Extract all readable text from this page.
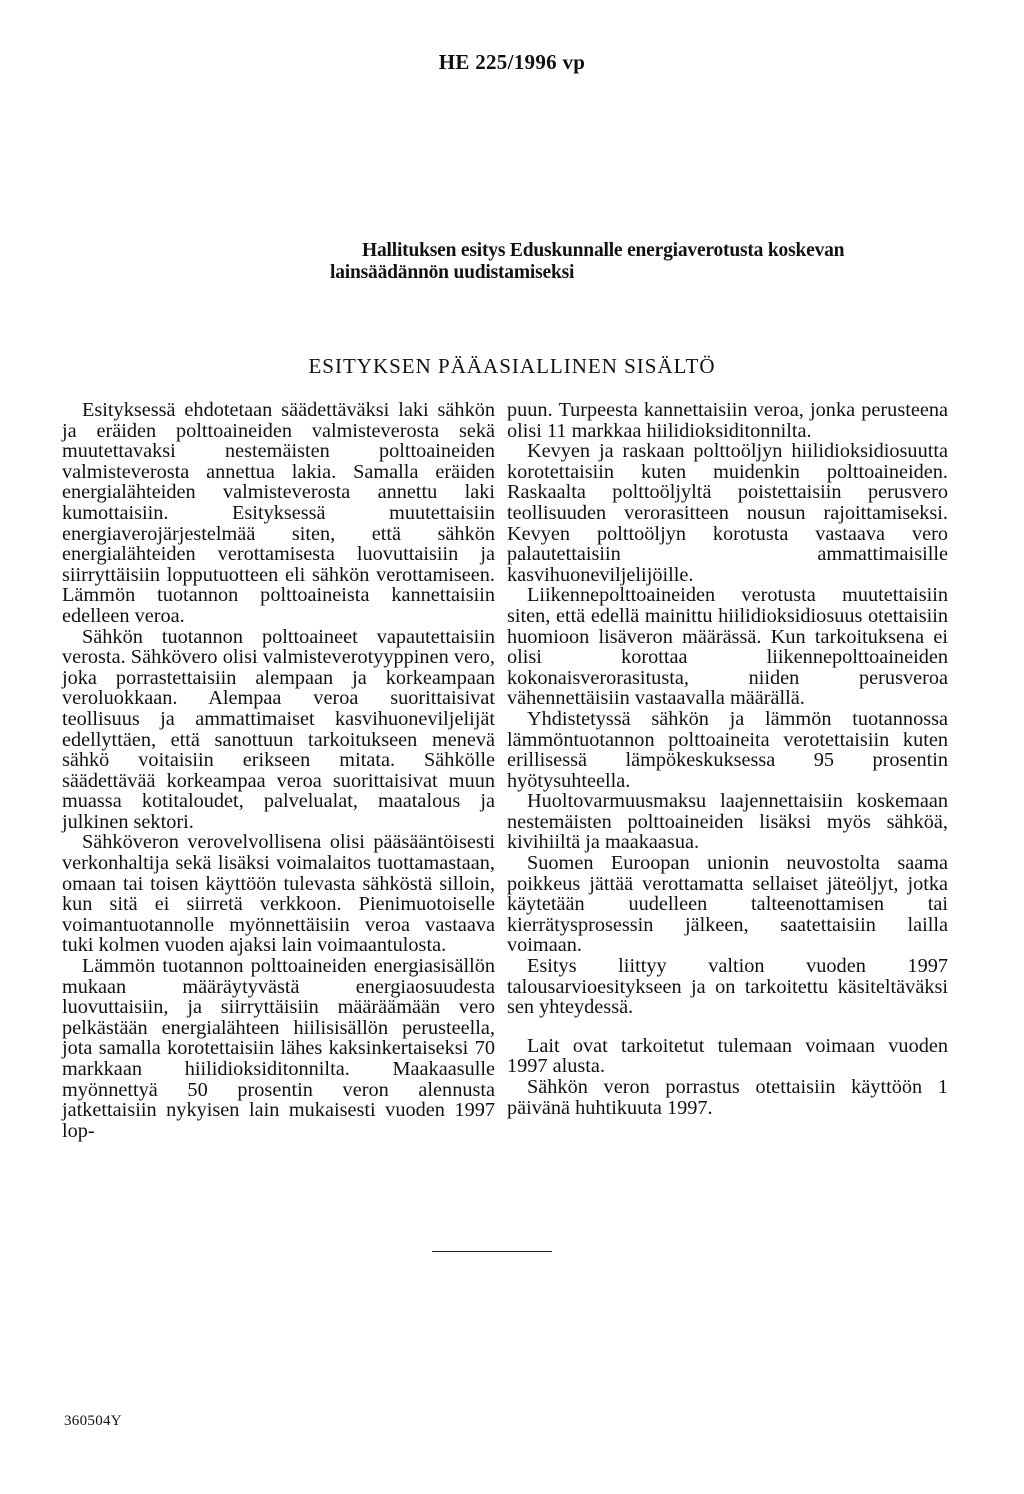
HE 225/1996 vp
Hallituksen esitys Eduskunnalle energiaverotusta koskevan
lainsäädännön uudistamiseksi
ESITYKSEN PÄÄASIALLINEN SISÄLTÖ

Esityksessä ehdotetaan säädettäväksi laki sähkön ja eräiden polttoaineiden valmisteverosta sekä muutettavaksi nestemäisten polttoaineiden valmisteverosta annettua lakia. Samalla eräiden energialähteiden valmisteverosta annettu laki kumottaisiin. Esityksessä muutettaisiin energiaverojärjestelmää siten, että sähkön energialähteiden verottamisesta luovuttaisiin ja siirryttäisiin lopputuotteen eli sähkön verottamiseen. Lämmön tuotannon polttoaineista kannettaisiin edelleen veroa.

Sähkön tuotannon polttoaineet vapautettaisiin verosta. Sähkövero olisi valmisteverotyyppinen vero, joka porrastettaisiin alempaan ja korkeampaan veroluokkaan. Alempaa veroa suorittaisivat teollisuus ja ammattimaiset kasvihuoneviljelijät edellyttäen, että sanottuun tarkoitukseen menevä sähkö voitaisiin erikseen mitata. Sähkölle säädettävää korkeampaa veroa suorittaisivat muun muassa kotitaloudet, palvelualat, maatalous ja julkinen sektori.

Sähköveron verovelvollisena olisi pääsääntöisesti verkonhaltija sekä lisäksi voimalaitos tuottamastaan, omaan tai toisen käyttöön tulevasta sähköstä silloin, kun sitä ei siirretä verkkoon. Pienimuotoiselle voimantuotannolle myönnettäisiin veroa vastaava tuki kolmen vuoden ajaksi lain voimaantulosta.

Lämmön tuotannon polttoaineiden energiasisällön mukaan määräytyvästä energiaosuudesta luovuttaisiin, ja siirryttäisiin määräämään vero pelkästään energialähteen hiilisisällön perusteella, jota samalla korotettaisiin lähes kaksinkertaiseksi 70 markkaan hiilidioksiditonnilta. Maakaasulle myönnettyä 50 prosentin veron alennusta jatkettaisiin nykyisen lain mukaisesti vuoden 1997 lop-

puun. Turpeesta kannettaisiin veroa, jonka perusteena olisi 11 markkaa hiilidioksiditonnilta.

Kevyen ja raskaan polttoöljyn hiilidioksidiosuutta korotettaisiin kuten muidenkin polttoaineiden. Raskaalta polttoöljyltä poistettaisiin perusvero teollisuuden verorasitteen nousun rajoittamiseksi. Kevyen polttoöljyn korotusta vastaava vero palautettaisiin ammattimaisille kasvihuoneviljelijöille.

Liikennepolttoaineiden verotusta muutettaisiin siten, että edellä mainittu hiilidioksidiosuus otettaisiin huomioon lisäveron määrässä. Kun tarkoituksena ei olisi korottaa liikennepolttoaineiden kokonaisverorasitusta, niiden perusveroa vähennettäisiin vastaavalla määrällä.

Yhdistetyssä sähkön ja lämmön tuotannossa lämmöntuotannon polttoaineita verotettaisiin kuten erillisessä lämpökeskuksessa 95 prosentin hyötysuhteella.

Huoltovarmuusmaksu laajennettaisiin koskemaan nestemäisten polttoaineiden lisäksi myös sähköä, kivihiiltä ja maakaasua.

Suomen Euroopan unionin neuvostolta saama poikkeus jättää verottamatta sellaiset jäteöljyt, jotka käytetään uudelleen talteenottamisen tai kierrätysprosessin jälkeen, saatettaisiin lailla voimaan.

Esitys liittyy valtion vuoden 1997 talousarvioesitykseen ja on tarkoitettu käsiteltäväksi sen yhteydessä.

Lait ovat tarkoitetut tulemaan voimaan vuoden 1997 alusta.

Sähkön veron porrastus otettaisiin käyttöön 1 päivänä huhtikuuta 1997.

360504Y
